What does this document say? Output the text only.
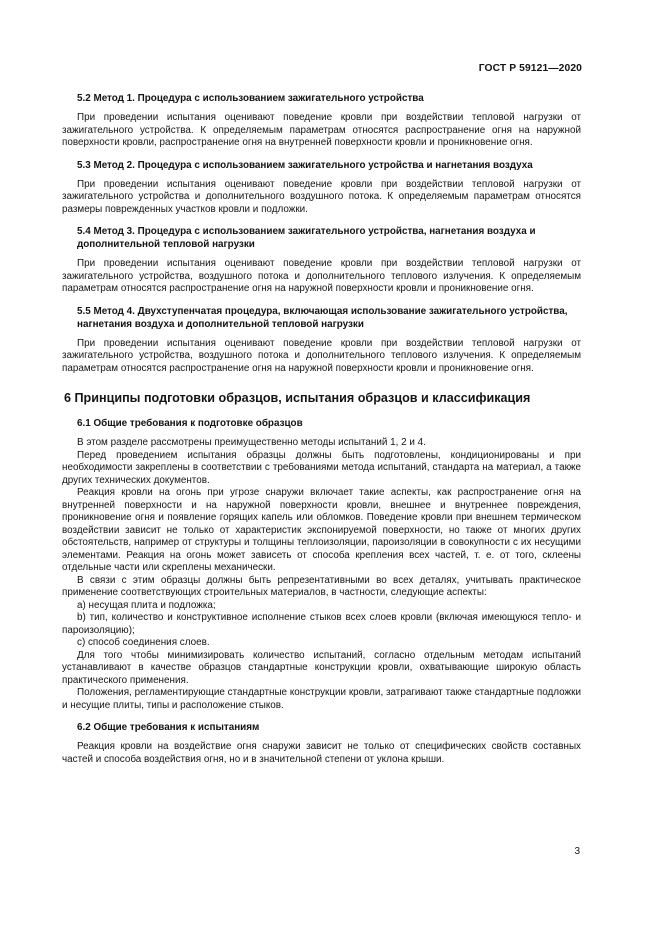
ГОСТ Р 59121—2020

5.2 Метод 1. Процедура с использованием зажигательного устройства

При проведении испытания оценивают поведение кровли при воздействии тепловой нагрузки от зажигательного устройства. К определяемым параметрам относятся распространение огня на наружной поверхности кровли, распространение огня на внутренней поверхности кровли и проникновение огня.

5.3 Метод 2. Процедура с использованием зажигательного устройства и нагнетания воздуха

При проведении испытания оценивают поведение кровли при воздействии тепловой нагрузки от зажигательного устройства и дополнительного воздушного потока. К определяемым параметрам относятся размеры поврежденных участков кровли и подложки.

5.4 Метод 3. Процедура с использованием зажигательного устройства, нагнетания воздуха и дополнительной тепловой нагрузки

При проведении испытания оценивают поведение кровли при воздействии тепловой нагрузки от зажигательного устройства, воздушного потока и дополнительного теплового излучения. К определяемым параметрам относятся распространение огня на наружной поверхности кровли и проникновение огня.

5.5 Метод 4. Двухступенчатая процедура, включающая использование зажигательного устройства, нагнетания воздуха и дополнительной тепловой нагрузки

При проведении испытания оценивают поведение кровли при воздействии тепловой нагрузки от зажигательного устройства, воздушного потока и дополнительного теплового излучения. К определяемым параметрам относятся распространение огня на наружной поверхности кровли и проникновение огня.

6 Принципы подготовки образцов, испытания образцов и классификация

6.1 Общие требования к подготовке образцов

В этом разделе рассмотрены преимущественно методы испытаний 1, 2 и 4.

Перед проведением испытания образцы должны быть подготовлены, кондиционированы и при необходимости закреплены в соответствии с требованиями метода испытаний, стандарта на материал, а также других технических документов.

Реакция кровли на огонь при угрозе снаружи включает такие аспекты, как распространение огня на внутренней поверхности и на наружной поверхности кровли, внешнее и внутреннее повреждения, проникновение огня и появление горящих капель или обломков. Поведение кровли при внешнем термическом воздействии зависит не только от характеристик экспонируемой поверхности, но также от многих других обстоятельств, например от структуры и толщины теплоизоляции, пароизоляции в совокупности с их несущими элементами. Реакция на огонь может зависеть от способа крепления всех частей, т. е. от того, склеены отдельные части или скреплены механически.

В связи с этим образцы должны быть репрезентативными во всех деталях, учитывать практическое применение соответствующих строительных материалов, в частности, следующие аспекты:

а) несущая плита и подложка;

b) тип, количество и конструктивное исполнение стыков всех слоев кровли (включая имеющуюся тепло- и пароизоляцию);

с) способ соединения слоев.

Для того чтобы минимизировать количество испытаний, согласно отдельным методам испытаний устанавливают в качестве образцов стандартные конструкции кровли, охватывающие широкую область практического применения.

Положения, регламентирующие стандартные конструкции кровли, затрагивают также стандартные подложки и несущие плиты, типы и расположение стыков.

6.2 Общие требования к испытаниям

Реакция кровли на воздействие огня снаружи зависит не только от специфических свойств составных частей и способа воздействия огня, но и в значительной степени от уклона крыши.

3
